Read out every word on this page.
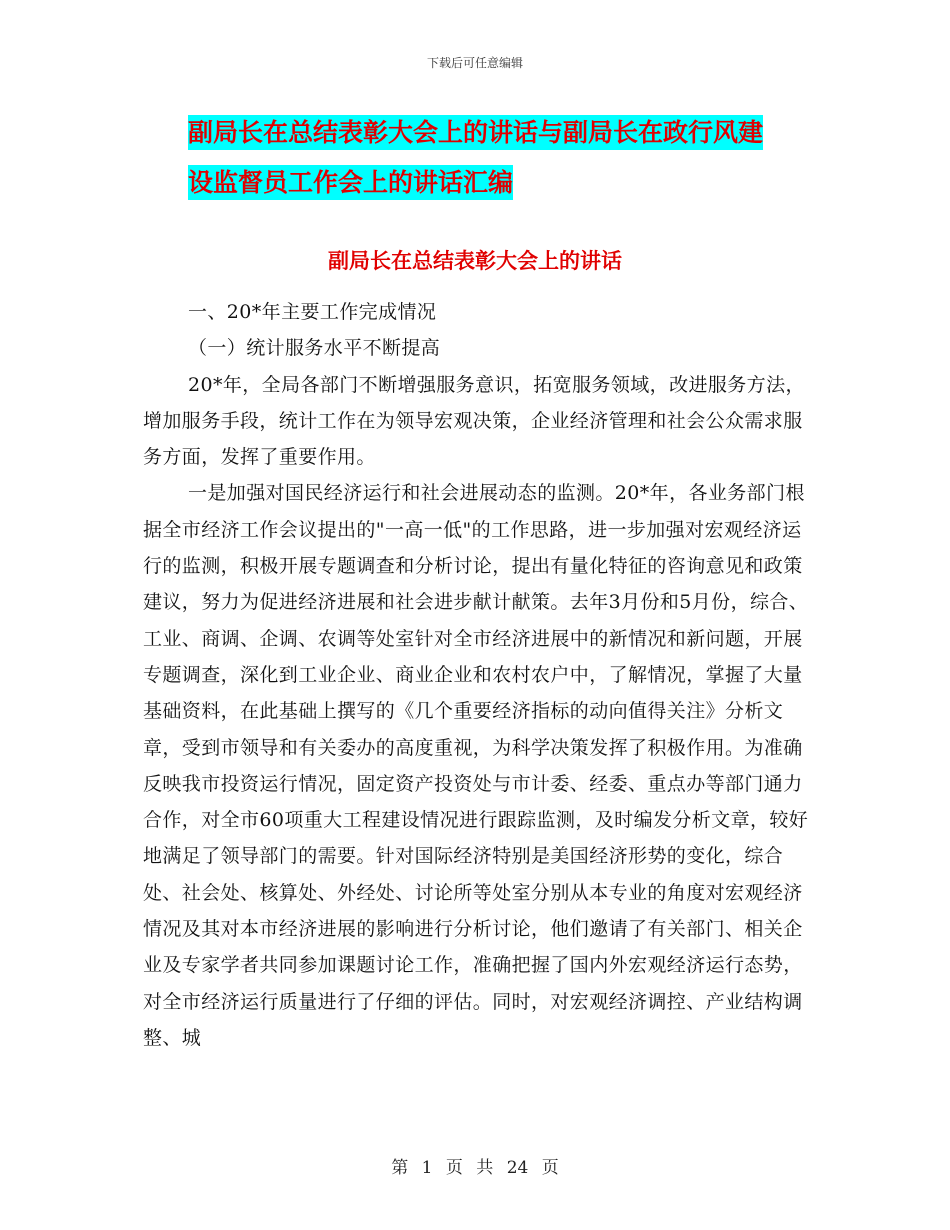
下载后可任意编辑
副局长在总结表彰大会上的讲话与副局长在政行风建
设监督员工作会上的讲话汇编
副局长在总结表彰大会上的讲话

一、20*年主要工作完成情况

（一）统计服务水平不断提高

20*年，全局各部门不断增强服务意识，拓宽服务领域，改进服务方法，增加服务手段，统计工作在为领导宏观决策，企业经济管理和社会公众需求服务方面，发挥了重要作用。

一是加强对国民经济运行和社会进展动态的监测。20*年，各业务部门根据全市经济工作会议提出的"一高一低"的工作思路，进一步加强对宏观经济运行的监测，积极开展专题调查和分析讨论，提出有量化特征的咨询意见和政策建议，努力为促进经济进展和社会进步献计献策。去年3月份和5月份，综合、工业、商调、企调、农调等处室针对全市经济进展中的新情况和新问题，开展专题调查，深化到工业企业、商业企业和农村农户中，了解情况，掌握了大量基础资料，在此基础上撰写的《几个重要经济指标的动向值得关注》分析文章，受到市领导和有关委办的高度重视，为科学决策发挥了积极作用。为准确反映我市投资运行情况，固定资产投资处与市计委、经委、重点办等部门通力合作，对全市60项重大工程建设情况进行跟踪监测，及时编发分析文章，较好地满足了领导部门的需要。针对国际经济特别是美国经济形势的变化，综合处、社会处、核算处、外经处、讨论所等处室分别从本专业的角度对宏观经济情况及其对本市经济进展的影响进行分析讨论，他们邀请了有关部门、相关企业及专家学者共同参加课题讨论工作，准确把握了国内外宏观经济运行态势，对全市经济运行质量进行了仔细的评估。同时，对宏观经济调控、产业结构调整、城

第 1 页 共 24 页
